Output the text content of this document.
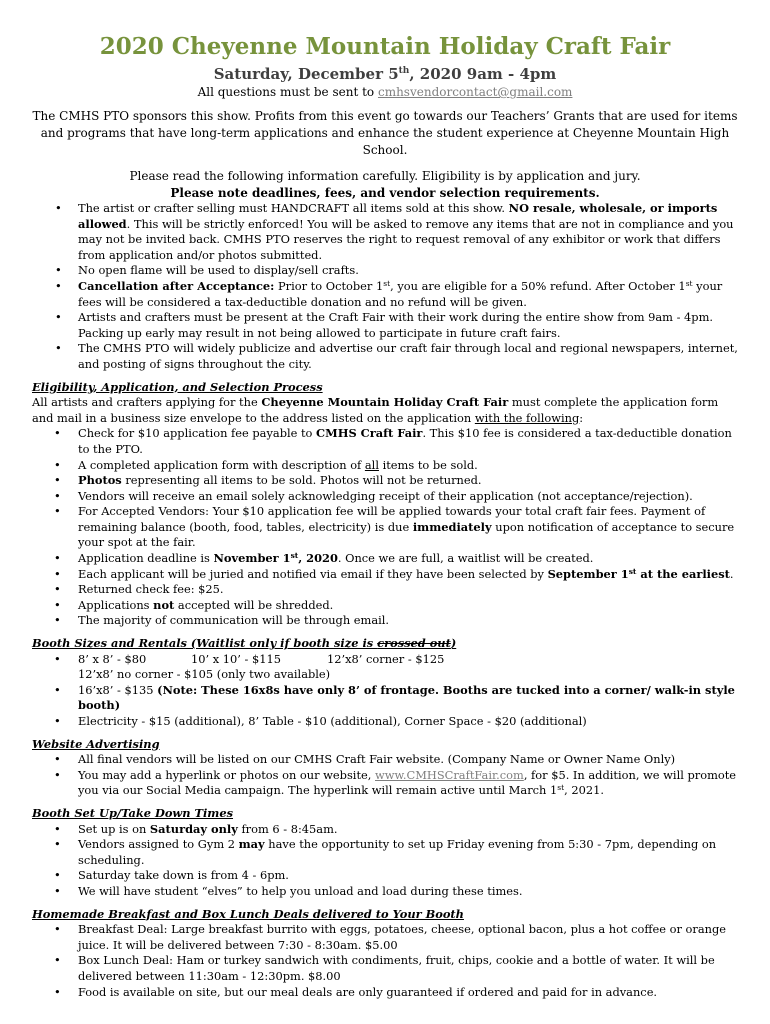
2020 Cheyenne Mountain Holiday Craft Fair

Saturday, December 5th, 2020 9am - 4pm

All questions must be sent to cmhsvendorcontact@gmail.com

The CMHS PTO sponsors this show. Profits from this event go towards our Teachers’ Grants that are used for items and programs that have long-term applications and enhance the student experience at Cheyenne Mountain High School.

Please read the following information carefully. Eligibility is by application and jury.

Please note deadlines, fees, and vendor selection requirements.

• The artist or crafter selling must HANDCRAFT all items sold at this show. NO resale, wholesale, or imports allowed. This will be strictly enforced! You will be asked to remove any items that are not in compliance and you may not be invited back. CMHS PTO reserves the right to request removal of any exhibitor or work that differs from application and/or photos submitted.
• No open flame will be used to display/sell crafts.
• Cancellation after Acceptance: Prior to October 1st, you are eligible for a 50% refund. After October 1st your fees will be considered a tax-deductible donation and no refund will be given.
• Artists and crafters must be present at the Craft Fair with their work during the entire show from 9am - 4pm. Packing up early may result in not being allowed to participate in future craft fairs.
• The CMHS PTO will widely publicize and advertise our craft fair through local and regional newspapers, internet, and posting of signs throughout the city.
Eligibility, Application, and Selection Process
All artists and crafters applying for the Cheyenne Mountain Holiday Craft Fair must complete the application form and mail in a business size envelope to the address listed on the application with the following:
• Check for $10 application fee payable to CMHS Craft Fair. This $10 fee is considered a tax-deductible donation to the PTO.
• A completed application form with description of all items to be sold.
• Photos representing all items to be sold. Photos will not be returned.
• Vendors will receive an email solely acknowledging receipt of their application (not acceptance/rejection).
• For Accepted Vendors: Your $10 application fee will be applied towards your total craft fair fees. Payment of remaining balance (booth, food, tables, electricity) is due immediately upon notification of acceptance to secure your spot at the fair.
• Application deadline is November 1st, 2020. Once we are full, a waitlist will be created.
• Each applicant will be juried and notified via email if they have been selected by September 1st at the earliest.
• Returned check fee: $25.
• Applications not accepted will be shredded.
• The majority of communication will be through email.
Booth Sizes and Rentals (Waitlist only if booth size is crossed out)
• 8’ x 8’ - $80	10’ x 10’ - $115	12’x8’ corner - $12512’x8’ no corner - $105 (only two available)
• 16’x8’ - $135 (Note: These 16x8s have only 8’ of frontage. Booths are tucked into a corner/ walk-in style booth)
• Electricity - $15 (additional), 8’ Table - $10 (additional), Corner Space - $20 (additional)
Website Advertising
• All final vendors will be listed on our CMHS Craft Fair website. (Company Name or Owner Name Only)
• You may add a hyperlink or photos on our website, www.CMHSCraftFair.com, for $5. In addition, we will promote you via our Social Media campaign. The hyperlink will remain active until March 1st, 2021.
Booth Set Up/Take Down Times
• Set up is on Saturday only from 6 - 8:45am.
• Vendors assigned to Gym 2 may have the opportunity to set up Friday evening from 5:30 - 7pm, depending on scheduling.
• Saturday take down is from 4 - 6pm.
• We will have student “elves” to help you unload and load during these times.
Homemade Breakfast and Box Lunch Deals delivered to Your Booth
• Breakfast Deal: Large breakfast burrito with eggs, potatoes, cheese, optional bacon, plus a hot coffee or orange juice. It will be delivered between 7:30 - 8:30am. $5.00
• Box Lunch Deal: Ham or turkey sandwich with condiments, fruit, chips, cookie and a bottle of water. It will be delivered between 11:30am - 12:30pm. $8.00
• Food is available on site, but our meal deals are only guaranteed if ordered and paid for in advance.
